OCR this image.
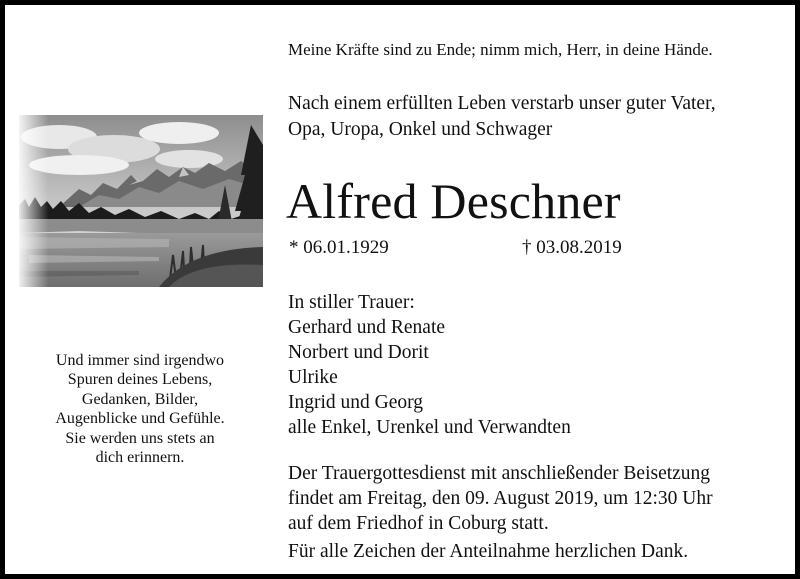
Meine Kräfte sind zu Ende; nimm mich, Herr, in deine Hände.
Nach einem erfüllten Leben verstarb unser guter Vater,
Opa, Uropa, Onkel und Schwager
Alfred Deschner
* 06.01.1929	† 03.08.2019
In stiller Trauer:
Gerhard und Renate
Norbert und Dorit
Ulrike
Ingrid und Georg
alle Enkel, Urenkel und Verwandten
Der Trauergottesdienst mit anschließender Beisetzung
findet am Freitag, den 09. August 2019, um 12:30 Uhr
auf dem Friedhof in Coburg statt.
Für alle Zeichen der Anteilnahme herzlichen Dank.
Und immer sind irgendwo
Spuren deines Lebens,
Gedanken, Bilder,
Augenblicke und Gefühle.
Sie werden uns stets an
dich erinnern.
